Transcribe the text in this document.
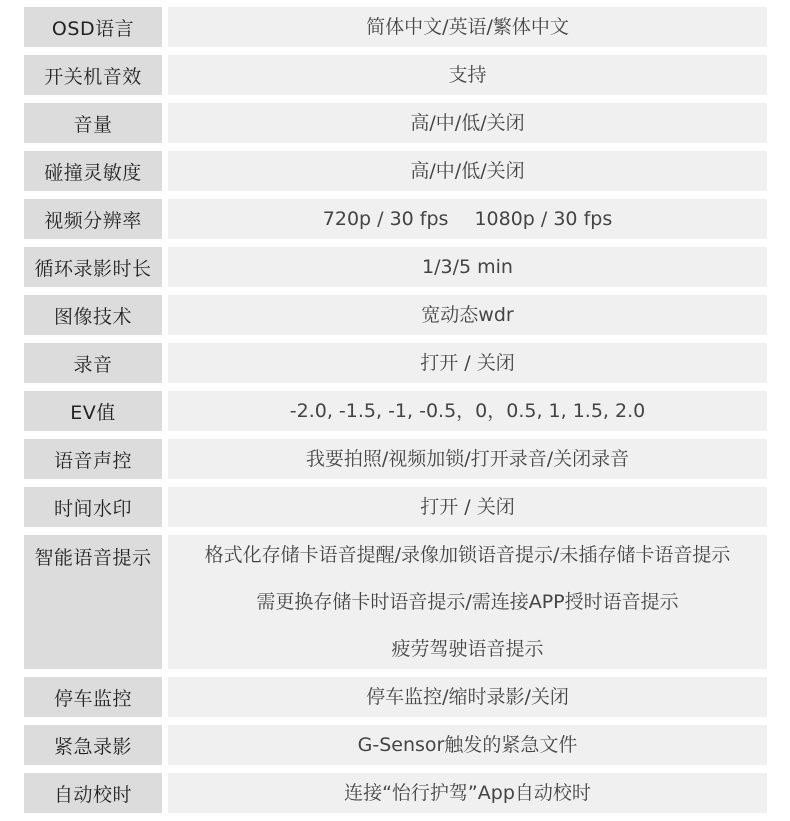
OSD语言	简体中文/英语/繁体中文
开关机音效	支持
音量	高/中/低/关闭
碰撞灵敏度	高/中/低/关闭
视频分辨率	720p / 30 fps 1080p / 30 fps
循环录影时长	1/3/5 min
图像技术	宽动态wdr
录音	打开 / 关闭
EV值	-2.0, -1.5, -1, -0.5，0，0.5, 1, 1.5, 2.0
语音声控	我要拍照/视频加锁/打开录音/关闭录音
时间水印	打开 / 关闭
智能语音提示	格式化存储卡语音提醒/录像加锁语音提示/未插存储卡语音提示
需更换存储卡时语音提示/需连接APP授时语音提示
疲劳驾驶语音提示
停车监控	停车监控/缩时录影/关闭
紧急录影	G-Sensor触发的紧急文件
自动校时	连接“怡行护驾”App自动校时
